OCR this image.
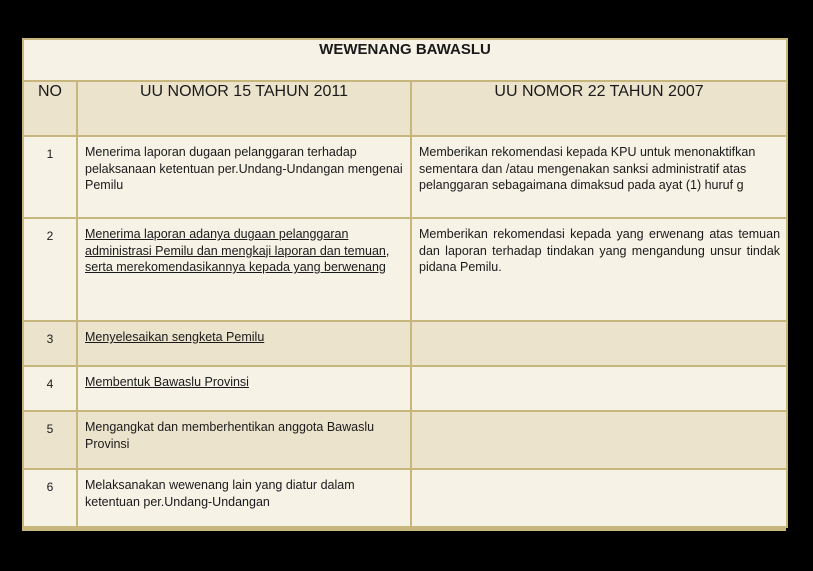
WEWENANG BAWASLU		
NO	UU NOMOR 15 TAHUN 2011	UU NOMOR 22 TAHUN 2007
1	Menerima laporan dugaan pelanggaran terhadap pelaksanaan ketentuan per.Undang-Undangan mengenai Pemilu	Memberikan rekomendasi kepada KPU untuk menonaktifkan sementara dan /atau mengenakan sanksi administratif atas pelanggaran sebagaimana dimaksud pada ayat (1) huruf g
2	Menerima laporan adanya dugaan pelanggaran administrasi Pemilu dan mengkaji laporan dan temuan, serta merekomendasikannya kepada yang berwenang	Memberikan rekomendasi kepada yang erwenang atas temuan dan laporan terhadap tindakan yang mengandung unsur tindak pidana Pemilu.
3	Menyelesaikan sengketa Pemilu	
4	Membentuk Bawaslu Provinsi	
5	Mengangkat dan memberhentikan anggota Bawaslu Provinsi	
6	Melaksanakan wewenang lain yang diatur dalam ketentuan per.Undang-Undangan	
